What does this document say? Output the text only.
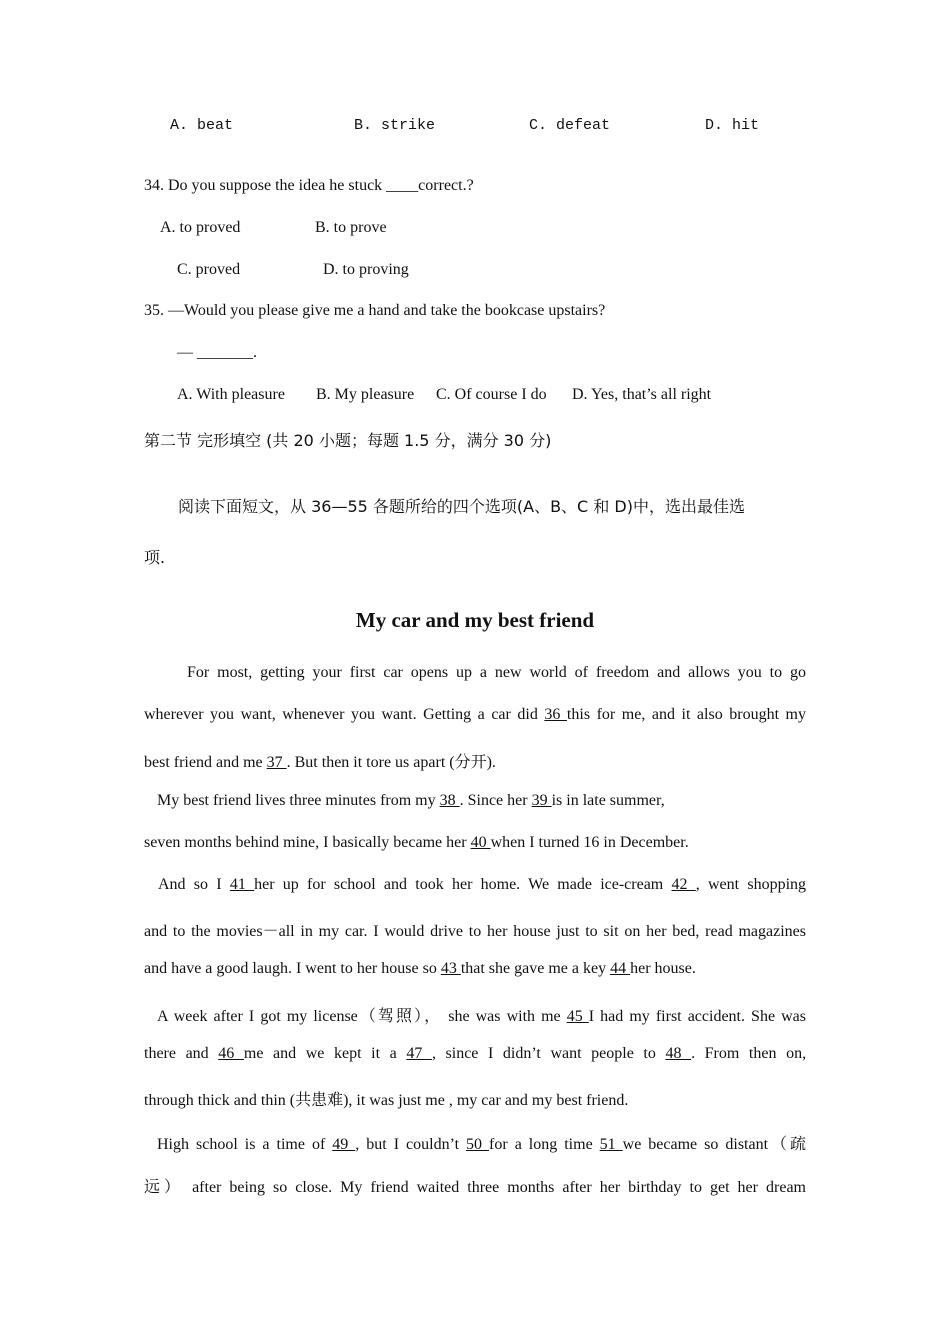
A. beat	B. strike	C. defeat	D. hit
34. Do you suppose the idea he stuck ____correct.?
A. to proved	B. to prove
C. proved	D. to proving
35. —Would you please give me a hand and take the bookcase upstairs?
— _______.
A. With pleasure B. My pleasure C. Of course I do D. Yes, that’s all right
第二节 完形填空 (共 20 小题；每题 1.5 分，满分 30 分)
阅读下面短文，从 36—55 各题所给的四个选项(A、B、C 和 D)中，选出最佳选
项.
My car and my best friend
For most, getting your first car opens up a new world of freedom and allows you to go
wherever you want, whenever you want. Getting a car did 36 this for me, and it also brought my
best friend and me 37 . But then it tore us apart (分开).
My best friend lives three minutes from my 38 . Since her 39 is in late summer,
seven months behind mine, I basically became her 40 when I turned 16 in December.
And so I 41 her up for school and took her home. We made ice-cream 42 , went shopping
and to the movies－all in my car. I would drive to her house just to sit on her bed, read magazines
and have a good laugh. I went to her house so 43 that she gave me a key 44 her house.
A week after I got my license（驾照）， she was with me 45 I had my first accident. She was
there and 46 me and we kept it a 47 , since I didn’t want people to 48 . From then on,
through thick and thin (共患难), it was just me , my car and my best friend.
High school is a time of 49 , but I couldn’t 50 for a long time 51 we became so distant（疏
远） after being so close. My friend waited three months after her birthday to get her dream
